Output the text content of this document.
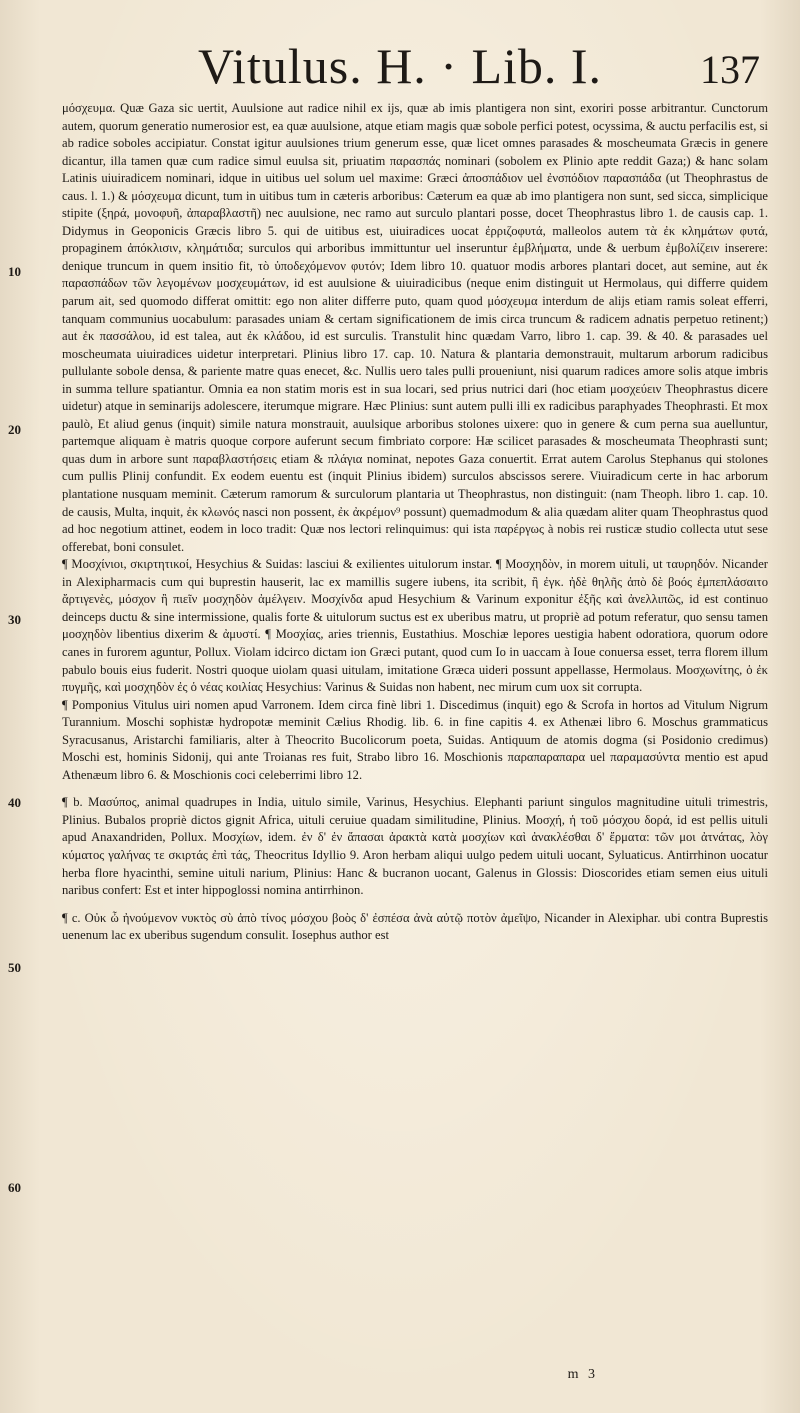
Vitulus. H. · Lib. I.	137
10
20
30
40
50
60

μόσχευμα. Quæ Gaza sic uertit, Auulsione aut radice nihil ex ijs, quæ ab imis plantigera non sint, exoriri posse arbitrantur. Cunctorum autem, quorum generatio numerosior est, ea quæ auulsione, atque etiam magis quæ sobole perfici potest, ocyssima, & auctu perfacilis est, si ab radice soboles accipiatur. Constat igitur auulsiones trium generum esse, quæ licet omnes parasades & moscheumata Græcis in genere dicantur, illa tamen quæ cum radice simul euulsa sit, priuatim παρασπάς nominari (sobolem ex Plinio apte reddit Gaza;) & hanc solam Latinis uiuiradicem nominari, idque in uitibus uel solum uel maxime: Græci ἀποσπάδιον uel ἐνσπόδιον παρασπάδα (ut Theophrastus de caus. l. 1.) & μόσχευμα dicunt, tum in uitibus tum in cæteris arboribus: Cæterum ea quæ ab imo plantigera non sunt, sed sicca, simplicique stipite (ξηρά, μονοφυῆ, ἀπαραβλαστῆ) nec auulsione, nec ramo aut surculo plantari posse, docet Theophrastus libro 1. de causis cap. 1. Didymus in Geoponicis Græcis libro 5. qui de uitibus est, uiuiradices uocat ἐρριζοφυτά, malleolos autem τὰ ἐκ κλημάτων φυτά, propaginem ἀπόκλισιν, κλημάτιδα; surculos qui arboribus immittuntur uel inseruntur ἐμβλήματα, unde & uerbum ἐμβολίζειν inserere: denique truncum in quem insitio fit, τὸ ὑποδεχόμενον φυτόν; Idem libro 10. quatuor modis arbores plantari docet, aut semine, aut ἐκ παρασπάδων τῶν λεγομένων μοσχευμάτων, id est auulsione & uiuiradicibus (neque enim distinguit ut Hermolaus, qui differre quidem parum ait, sed quomodo differat omittit: ego non aliter differre puto, quam quod μόσχευμα interdum de alijs etiam ramis soleat efferri, tanquam communius uocabulum: parasades uniam & certam significationem de imis circa truncum & radicem adnatis perpetuo retinent;) aut ἐκ πασσάλου, id est talea, aut ἐκ κλάδου, id est surculis. Transtulit hinc quædam Varro, libro 1. cap. 39. & 40. & parasades uel moscheumata uiuiradices uidetur interpretari. Plinius libro 17. cap. 10. Natura & plantaria demonstrauit, multarum arborum radicibus pullulante sobole densa, & pariente matre quas enecet, &c. Nullis uero tales pulli proueniunt, nisi quarum radices amore solis atque imbris in summa tellure spatiantur. Omnia ea non statim moris est in sua locari, sed prius nutrici dari (hoc etiam μοσχεύειν Theophrastus dicere uidetur) atque in seminarijs adolescere, iterumque migrare. Hæc Plinius: sunt autem pulli illi ex radicibus paraphyades Theophrasti. Et mox paulò, Et aliud genus (inquit) simile natura monstrauit, auulsique arboribus stolones uixere: quo in genere & cum perna sua auelluntur, partemque aliquam è matris quoque corpore auferunt secum fimbriato corpore: Hæ scilicet parasades & moscheumata Theophrasti sunt; quas dum in arbore sunt παραβλαστήσεις etiam & πλάγια nominat, nepotes Gaza conuertit. Errat autem Carolus Stephanus qui stolones cum pullis Plinij confundit. Ex eodem euentu est (inquit Plinius ibidem) surculos abscissos serere. Viuiradicum certe in hac arborum plantatione nusquam meminit. Cæterum ramorum & surculorum plantaria ut Theophrastus, non distinguit: (nam Theoph. libro 1. cap. 10. de causis, Multa, inquit, ἐκ κλωνός nasci non possent, ἐκ ἀκρέμον⁹ possunt) quemadmodum & alia quædam aliter quam Theophrastus quod ad hoc negotium attinet, eodem in loco tradit: Quæ nos lectori relinquimus: qui ista παρέργως à nobis rei rusticæ studio collecta utut sese offerebat, boni consulet.

¶ Μοσχίνιοι, σκιρτητικοί, Hesychius & Suidas: lasciui & exilientes uitulorum instar. ¶ Μοσχηδὸν, in morem uituli, ut ταυρηδόν. Nicander in Alexipharmacis cum qui buprestin hauserit, lac ex mamillis sugere iubens, ita scribit, ἢ ἐγκ. ἠδὲ θηλῆς ἀπὸ δὲ βοός ἐμπεπλάσαιτο ἄρτιγενὲς, μόσχον ἢ πιεῖν μοσχηδὸν ἀμέλγειν. Μοσχίνδα apud Hesychium & Varinum exponitur ἐξῆς καὶ ἀνελλιπῶς, id est continuo deinceps ductu & sine intermissione, qualis forte & uitulorum suctus est ex uberibus matru, ut propriè ad potum referatur, quo sensu tamen μοσχηδὸν libentius dixerim & ἀμυστί. ¶ Μοσχίας, aries triennis, Eustathius. Moschiæ lepores uestigia habent odoratiora, quorum odore canes in furorem aguntur, Pollux. Violam idcirco dictam ion Græci putant, quod cum Io in uaccam à Ioue conuersa esset, terra florem illum pabulo bouis eius fuderit. Nostri quoque uiolam quasi uitulam, imitatione Græca uideri possunt appellasse, Hermolaus. Μοσχωνίτης, ὁ ἐκ πυγμῆς, καὶ μοσχηδὸν ἐς ὁ νέας κοιλίας Hesychius: Varinus & Suidas non habent, nec mirum cum uox sit corrupta.

¶ Pomponius Vitulus uiri nomen apud Varronem. Idem circa finè libri 1. Discedimus (inquit) ego & Scrofa in hortos ad Vitulum Nigrum Turannium. Moschi sophistæ hydropotæ meminit Cælius Rhodig. lib. 6. in fine capitis 4. ex Athenæi libro 6. Moschus grammaticus Syracusanus, Aristarchi familiaris, alter à Theocrito Bucolicorum poeta, Suidas. Antiquum de atomis dogma (si Posidonio credimus) Moschi est, hominis Sidonij, qui ante Troianas res fuit, Strabo libro 16. Moschionis παραπαραπαρα uel παραμασύντα mentio est apud Athenæum libro 6. & Moschionis coci celeberrimi libro 12.

¶ b. Μασύπος, animal quadrupes in India, uitulo simile, Varinus, Hesychius. Elephanti pariunt singulos magnitudine uituli trimestris, Plinius. Bubalos propriè dictos gignit Africa, uituli ceruiue quadam similitudine, Plinius. Μοσχή, ἡ τοῦ μόσχου δορά, id est pellis uituli apud Anaxandriden, Pollux. Μοσχίων, idem. ἐν δ' ἐν ἄπασαι ἀρακτὰ κατὰ μοσχίων καὶ ἀνακλέσθαι δ' ἔρματα: τῶν μοι ἀτνάτας, λὸγ κύματος γαλήνας τε σκιρτάς ἐπὶ τάς, Theocritus Idyllio 9. Aron herbam aliqui uulgo pedem uituli uocant, Syluaticus. Antirrhinon uocatur herba flore hyacinthi, semine uituli narium, Plinius: Hanc & bucranon uocant, Galenus in Glossis: Dioscorides etiam semen eius uituli naribus confert: Est et inter hippoglossi nomina antirrhinon.

¶ c. Οὐκ ὦ ἠνούμενον νυκτὸς σὺ ἀπὸ τίνος μόσχου βοὸς δ' ἐσπέσα ἀνὰ αὐτῷ ποτὸν ἀμεῖψο, Nicander in Alexiphar. ubi contra Buprestis uenenum lac ex uberibus sugendum consulit. Iosephus author est

m 3
